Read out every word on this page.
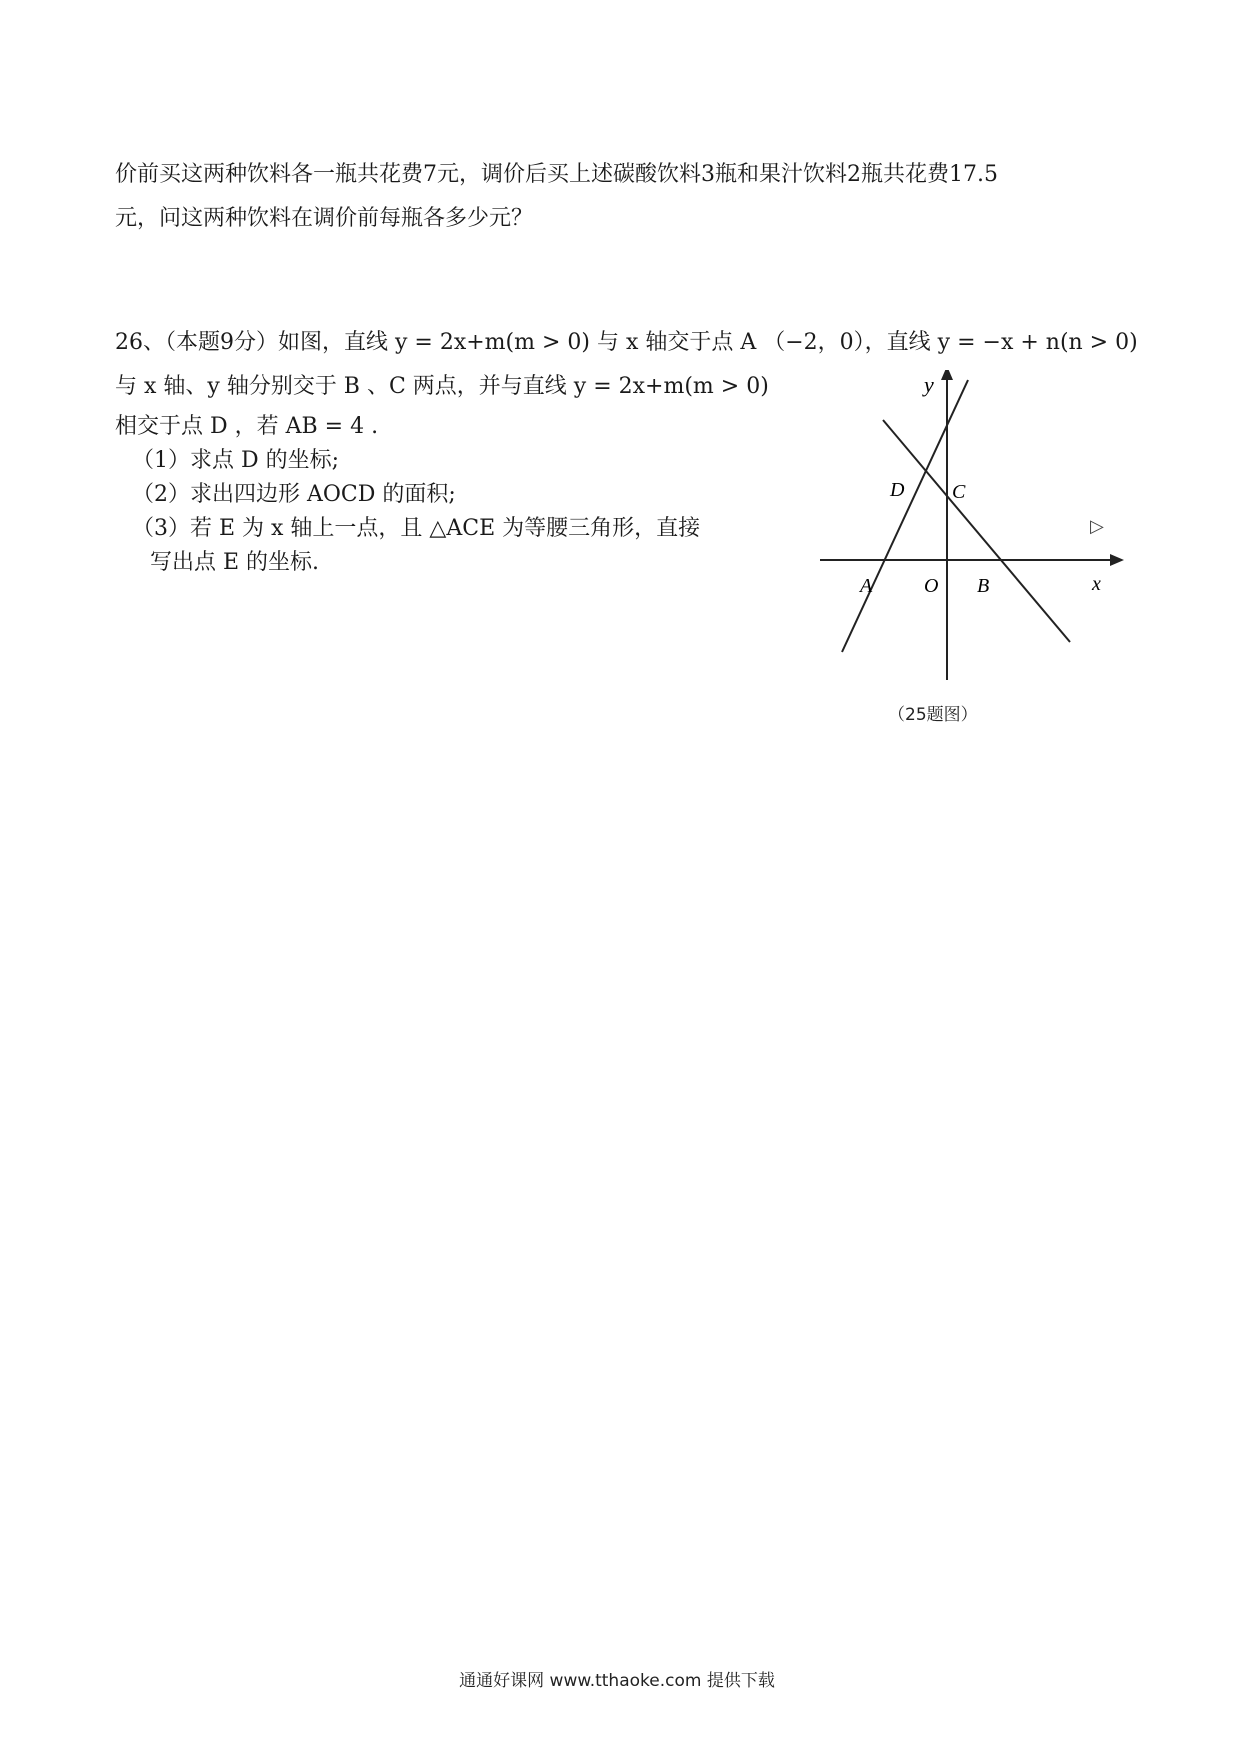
价前买这两种饮料各一瓶共花费7元，调价后买上述碳酸饮料3瓶和果汁饮料2瓶共花费17.5
元，问这两种饮料在调价前每瓶各多少元？
26、（本题9分）如图，直线 y = 2x+m(m > 0) 与 x 轴交于点 A （−2，0），直线 y = −x + n(n > 0)
与 x 轴、y 轴分别交于 B 、C 两点，并与直线 y = 2x+m(m > 0)
相交于点 D ，若 AB = 4 .
（1）求点 D 的坐标;
（2）求出四边形 AOCD 的面积;
（3）若 E 为 x 轴上一点，且 △ACE 为等腰三角形，直接
写出点 E 的坐标.
y
x
▷
A	O B
C
D
（25题图）
通通好课网 www.tthaoke.com 提供下载
